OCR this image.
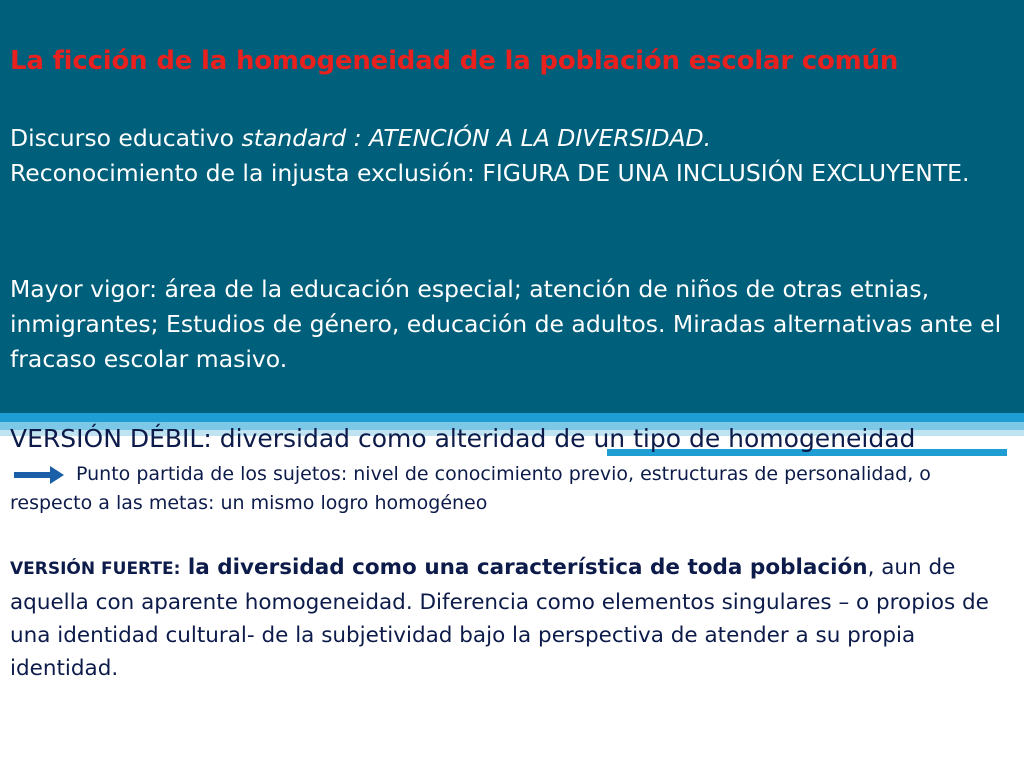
La ficción de la homogeneidad de la población escolar común

Discurso educativo standard : ATENCIÓN A LA DIVERSIDAD.
Reconocimiento de la injusta exclusión: FIGURA DE UNA INCLUSIÓN EXCLUYENTE.

Mayor vigor: área de la educación especial; atención de niños de otras etnias, inmigrantes; Estudios de género, educación de adultos. Miradas alternativas ante el fracaso escolar masivo.

VERSIÓN DÉBIL: diversidad como alteridad de un tipo de homogeneidad

Punto partida de los sujetos: nivel de conocimiento previo, estructuras de personalidad, o respecto a las metas: un mismo logro homogéneo

VERSIÓN FUERTE: la diversidad como una característica de toda población, aun de aquella con aparente homogeneidad. Diferencia como elementos singulares – o propios de una identidad cultural- de la subjetividad bajo la perspectiva de atender a su propia identidad.
